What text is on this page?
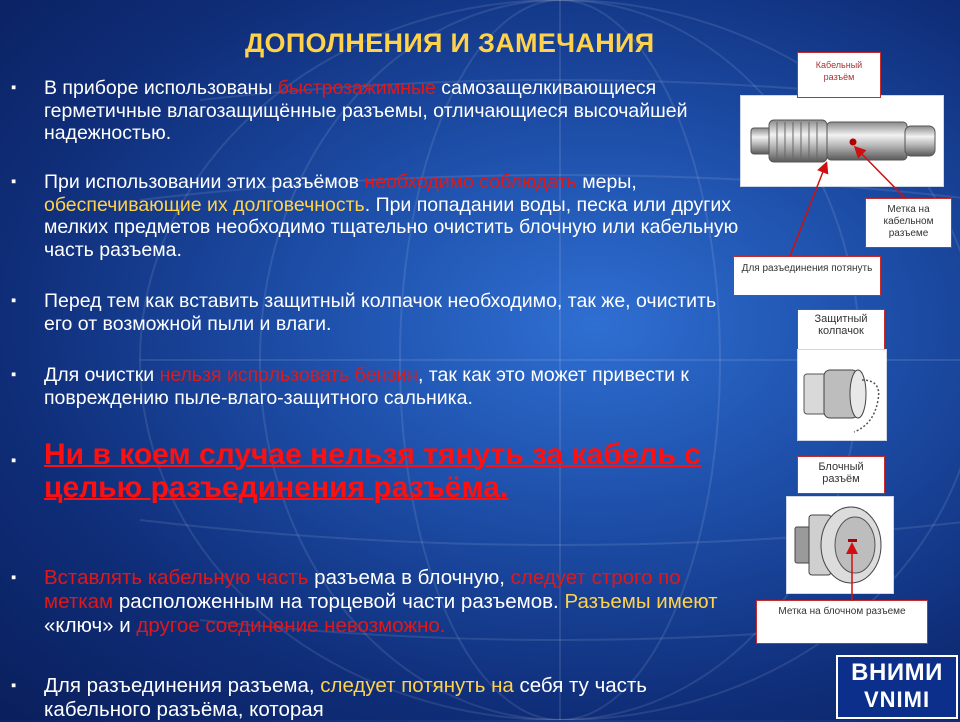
ДОПОЛНЕНИЯ И ЗАМЕЧАНИЯ
▪ В приборе использованы быстрозажимные самозащелкивающиеся герметичные влагозащищённые разъемы, отличающиеся высочайшей надежностью.
▪ При использовании этих разъёмов необходимо соблюдать меры, обеспечивающие их долговечность. При попадании воды, песка или других мелких предметов необходимо тщательно очистить блочную или кабельную часть разъема.
▪ Перед тем как вставить защитный колпачок необходимо, так же, очистить его от возможной пыли и влаги.
▪ Для очистки нельзя использовать бензин, так как это может привести к повреждению пыле-влаго-защитного сальника.
▪ Ни в коем случае нельзя тянуть за кабель с целью разъединения разъёма.
▪ Вставлять кабельную часть разъема в блочную, следует строго по меткам расположенным на торцевой части разъемов. Разъемы имеют «ключ» и другое соединение невозможно.
▪ Для разъединения разъема, следует потянуть на себя ту часть кабельного разъёма, которая
Кабельный разъём
Метка на кабельном разъеме
Для разъединения потянуть
Защитный колпачок
Блочный разъём
Метка на блочном разъеме
ВНИМИ
VNIMI
